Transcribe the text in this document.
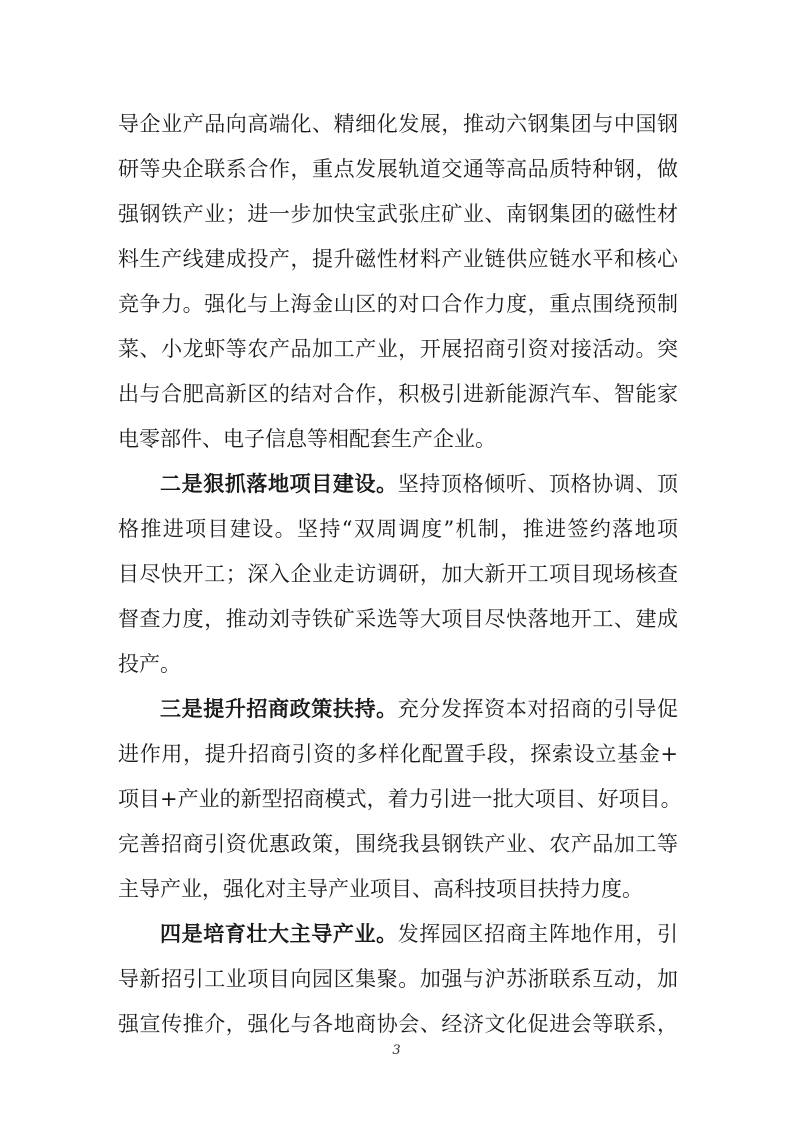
导企业产品向高端化、精细化发展，推动六钢集团与中国钢
研等央企联系合作，重点发展轨道交通等高品质特种钢，做
强钢铁产业；进一步加快宝武张庄矿业、南钢集团的磁性材
料生产线建成投产，提升磁性材料产业链供应链水平和核心
竞争力。强化与上海金山区的对口合作力度，重点围绕预制
菜、小龙虾等农产品加工产业，开展招商引资对接活动。突
出与合肥高新区的结对合作，积极引进新能源汽车、智能家
电零部件、电子信息等相配套生产企业。
二是狠抓落地项目建设。坚持顶格倾听、顶格协调、顶
格推进项目建设。坚持“双周调度”机制，推进签约落地项
目尽快开工；深入企业走访调研，加大新开工项目现场核查
督查力度，推动刘寺铁矿采选等大项目尽快落地开工、建成
投产。
三是提升招商政策扶持。充分发挥资本对招商的引导促
进作用，提升招商引资的多样化配置手段，探索设立基金+
项目+产业的新型招商模式，着力引进一批大项目、好项目。
完善招商引资优惠政策，围绕我县钢铁产业、农产品加工等
主导产业，强化对主导产业项目、高科技项目扶持力度。
四是培育壮大主导产业。发挥园区招商主阵地作用，引
导新招引工业项目向园区集聚。加强与沪苏浙联系互动，加
强宣传推介，强化与各地商协会、经济文化促进会等联系，
3
